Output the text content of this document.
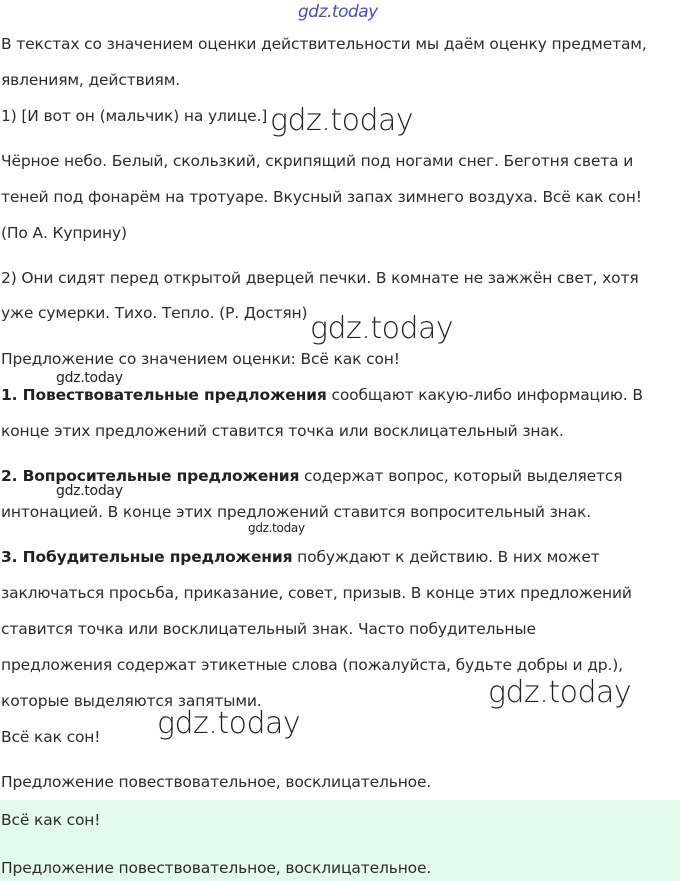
gdz.today
gdz.today
gdz.today
gdz.today
gdz.today
gdz.today
gdz.today
gdz.today
В текстах со значением оценки действительности мы даём оценку предметам,
явлениям, действиям.
1) [И вот он (мальчик) на улице.]
Чёрное небо. Белый, скользкий, скрипящий под ногами снег. Беготня света и
теней под фонарём на тротуаре. Вкусный запах зимнего воздуха. Всё как сон!
(По А. Куприну)
2) Они сидят перед открытой дверцей печки. В комнате не зажжён свет, хотя
уже сумерки. Тихо. Тепло. (Р. Достян)
Предложение со значением оценки: Всё как сон!
1. Повествовательные предложения сообщают какую-либо информацию. В
конце этих предложений ставится точка или восклицательный знак.
2. Вопросительные предложения содержат вопрос, который выделяется
интонацией. В конце этих предложений ставится вопросительный знак.
3. Побудительные предложения побуждают к действию. В них может
заключаться просьба, приказание, совет, призыв. В конце этих предложений
ставится точка или восклицательный знак. Часто побудительные
предложения содержат этикетные слова (пожалуйста, будьте добры и др.),
которые выделяются запятыми.
Всё как сон!
Предложение повествовательное, восклицательное.
Всё как сон!
Предложение повествовательное, восклицательное.
